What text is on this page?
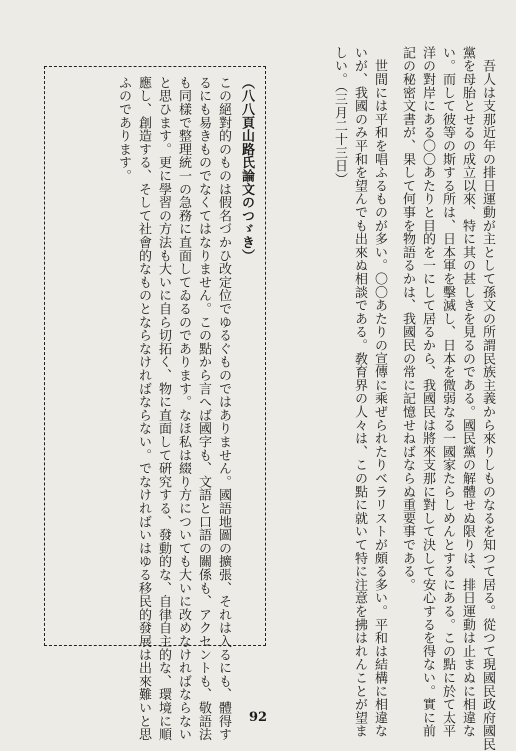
　吾人は支那近年の排日運動が主として孫文の所謂民族主義から來りしものなるを知つて居る。從つて現國民政府國民
黨を母胎とせるの成立以來、特に其の甚しきを見るのである。國民黨の解體せぬ限りは、排日運動は止まぬに相違な
い。而して彼等の斯する所は、日本軍を擊滅し、日本を微弱なる一國家たらしめんとするにある。この點に於て太平
洋の對岸にある〇〇あたりと目的を一にして居るから、我國民は將來支那に對して決して安心するを得ない。實に前
記の秘密文書が、果して何事を物語るかは、我國民の常に記憶せねばならぬ重要事である。
　世間には平和を唱ふるものが多い。〇〇あたりの宣傳に乘ぜられたりベラリストが頗る多い。平和は結構に相違な
いが、我國のみ平和を望んでも出來ぬ相談である。敎育界の人々は、この點に就いて特に注意を拂はれんことが望ま
しい。（三月二十三日）
（八八頁山路氏論文のつゞき）
この絕對的のものは假名づかひ改定位でゆるぐものではありません。國語地圖の擴張、それは入るにも、體得す
るにも易きものでなくてはなりません。この點から言へば國字も、文語と口語の關係も、アクセントも、敬語法
も同樣で整理統一の急務に直面してゐるのであります。なほ私は綴り方についても大いに改めなければならない
と思ひます。更に學習の方法も大いに自ら切拓く、物に直面して硏究する、發動的な、自律自主的な、環境に順
應し、創造する、そして社會的なものとならなければならない。でなければいはゆる移民的發展は出來難いと思
ふのであります。
92
